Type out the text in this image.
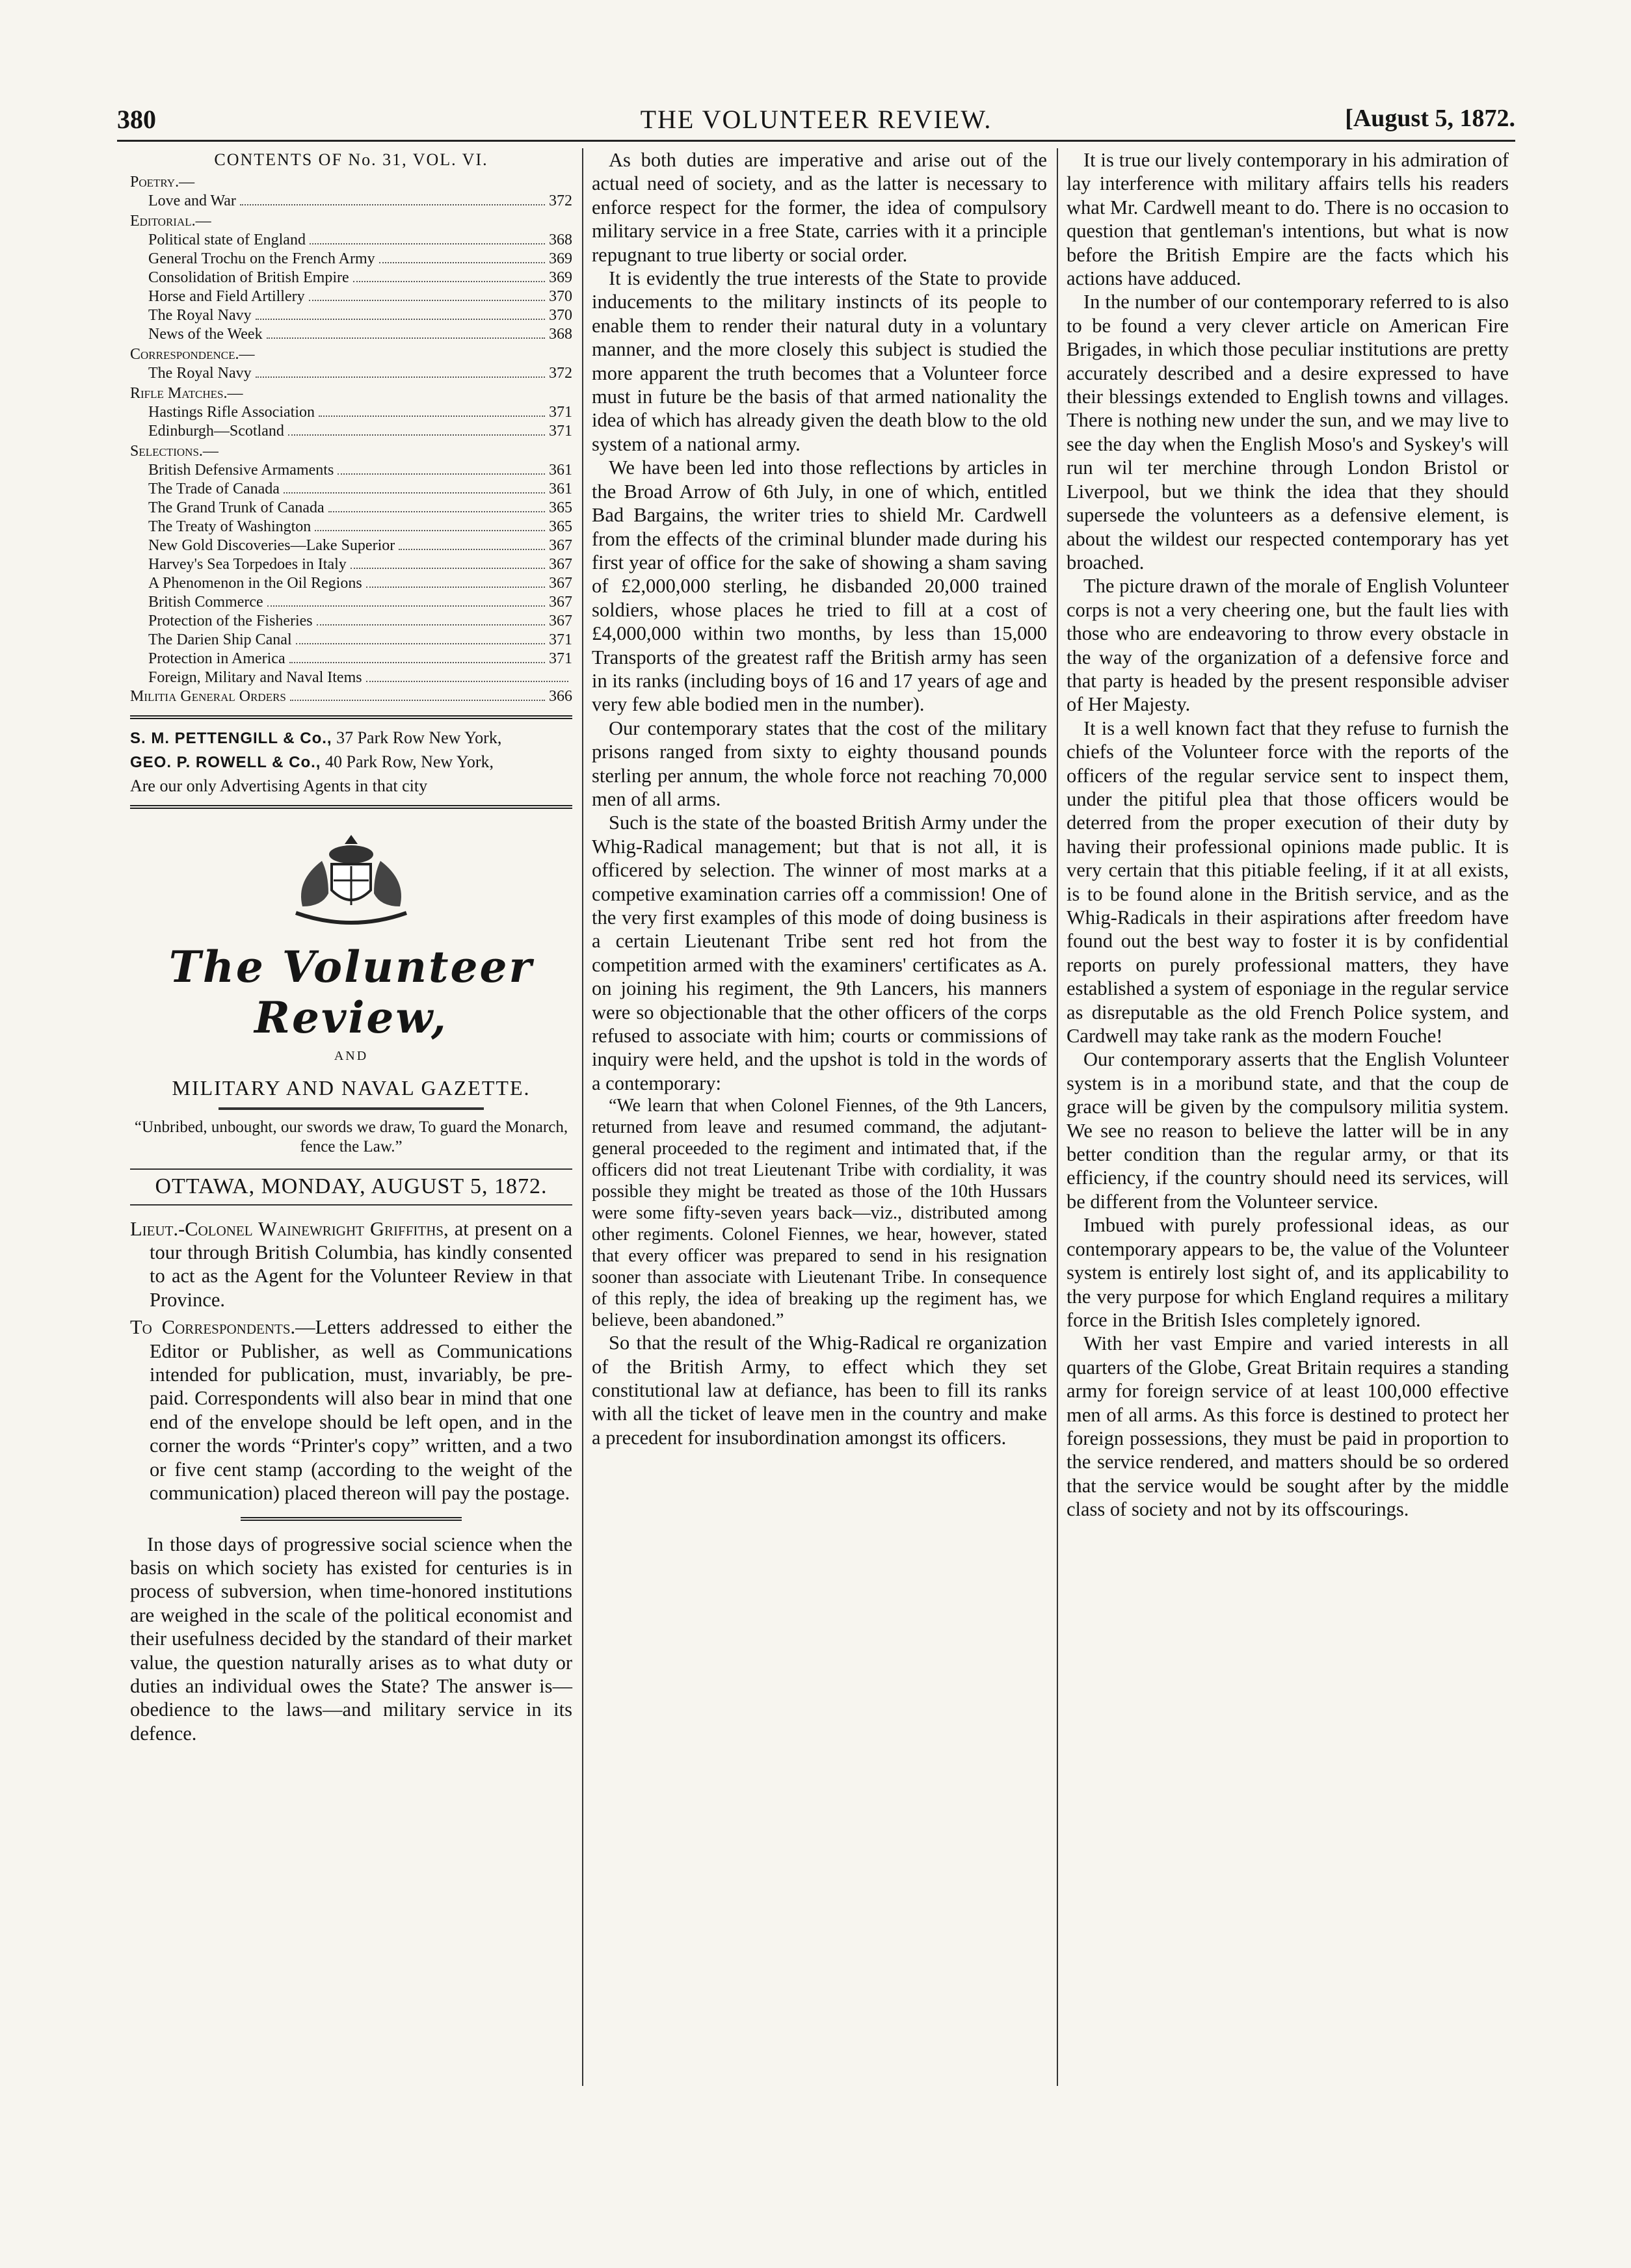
380	THE VOLUNTEER REVIEW.	[August 5, 1872.
CONTENTS OF No. 31, VOL. VI.
Poetry.—
Love and War	372
Editorial.—
Political state of England	368
General Trochu on the French Army	369
Consolidation of British Empire	369
Horse and Field Artillery	370
The Royal Navy	370
News of the Week	368
Correspondence.—
The Royal Navy	372
Rifle Matches.—
Hastings Rifle Association	371
Edinburgh—Scotland	371
Selections.—
British Defensive Armaments	361
The Trade of Canada	361
The Grand Trunk of Canada	365
The Treaty of Washington	365
New Gold Discoveries—Lake Superior	367
Harvey's Sea Torpedoes in Italy	367
A Phenomenon in the Oil Regions	367
British Commerce	367
Protection of the Fisheries	367
The Darien Ship Canal	371
Protection in America	371
Foreign, Military and Naval Items
Militia General Orders	366
S. M. PETTENGILL & Co., 37 Park Row New York,
GEO. P. ROWELL & Co., 40 Park Row, New York,
Are our only Advertising Agents in that city
The Volunteer Review,
AND
MILITARY AND NAVAL GAZETTE.
“Unbribed, unbought, our swords we draw, To guard the Monarch, fence the Law.”
OTTAWA, MONDAY, AUGUST 5, 1872.

Lieut.-Colonel Wainewright Griffiths, at present on a tour through British Columbia, has kindly consented to act as the Agent for the Volunteer Review in that Province.

To Correspondents.—Letters addressed to either the Editor or Publisher, as well as Communications intended for publication, must, invariably, be pre-paid. Correspondents will also bear in mind that one end of the envelope should be left open, and in the corner the words “Printer's copy” written, and a two or five cent stamp (according to the weight of the communication) placed thereon will pay the postage.

In those days of progressive social science when the basis on which society has existed for centuries is in process of subversion, when time-honored institutions are weighed in the scale of the political economist and their usefulness decided by the standard of their market value, the question naturally arises as to what duty or duties an individual owes the State? The answer is—obedience to the laws—and military service in its defence.

As both duties are imperative and arise out of the actual need of society, and as the latter is necessary to enforce respect for the former, the idea of compulsory military service in a free State, carries with it a principle repugnant to true liberty or social order.

It is evidently the true interests of the State to provide inducements to the military instincts of its people to enable them to render their natural duty in a voluntary manner, and the more closely this subject is studied the more apparent the truth becomes that a Volunteer force must in future be the basis of that armed nationality the idea of which has already given the death blow to the old system of a national army.

We have been led into those reflections by articles in the Broad Arrow of 6th July, in one of which, entitled Bad Bargains, the writer tries to shield Mr. Cardwell from the effects of the criminal blunder made during his first year of office for the sake of showing a sham saving of £2,000,000 sterling, he disbanded 20,000 trained soldiers, whose places he tried to fill at a cost of £4,000,000 within two months, by less than 15,000 Transports of the greatest raff the British army has seen in its ranks (including boys of 16 and 17 years of age and very few able bodied men in the number).

Our contemporary states that the cost of the military prisons ranged from sixty to eighty thousand pounds sterling per annum, the whole force not reaching 70,000 men of all arms.

Such is the state of the boasted British Army under the Whig-Radical management; but that is not all, it is officered by selection. The winner of most marks at a competive examination carries off a commission! One of the very first examples of this mode of doing business is a certain Lieutenant Tribe sent red hot from the competition armed with the examiners' certificates as A. on joining his regiment, the 9th Lancers, his manners were so objectionable that the other officers of the corps refused to associate with him; courts or commissions of inquiry were held, and the upshot is told in the words of a contemporary:

“We learn that when Colonel Fiennes, of the 9th Lancers, returned from leave and resumed command, the adjutant-general proceeded to the regiment and intimated that, if the officers did not treat Lieutenant Tribe with cordiality, it was possible they might be treated as those of the 10th Hussars were some fifty-seven years back—viz., distributed among other regiments. Colonel Fiennes, we hear, however, stated that every officer was prepared to send in his resignation sooner than associate with Lieutenant Tribe. In consequence of this reply, the idea of breaking up the regiment has, we believe, been abandoned.”

So that the result of the Whig-Radical re organization of the British Army, to effect which they set constitutional law at defiance, has been to fill its ranks with all the ticket of leave men in the country and make a precedent for insubordination amongst its officers.

It is true our lively contemporary in his admiration of lay interference with military affairs tells his readers what Mr. Cardwell meant to do. There is no occasion to question that gentleman's intentions, but what is now before the British Empire are the facts which his actions have adduced.

In the number of our contemporary referred to is also to be found a very clever article on American Fire Brigades, in which those peculiar institutions are pretty accurately described and a desire expressed to have their blessings extended to English towns and villages. There is nothing new under the sun, and we may live to see the day when the English Moso's and Syskey's will run wil ter merchine through London Bristol or Liverpool, but we think the idea that they should supersede the volunteers as a defensive element, is about the wildest our respected contemporary has yet broached.

The picture drawn of the morale of English Volunteer corps is not a very cheering one, but the fault lies with those who are endeavoring to throw every obstacle in the way of the organization of a defensive force and that party is headed by the present responsible adviser of Her Majesty.

It is a well known fact that they refuse to furnish the chiefs of the Volunteer force with the reports of the officers of the regular service sent to inspect them, under the pitiful plea that those officers would be deterred from the proper execution of their duty by having their professional opinions made public. It is very certain that this pitiable feeling, if it at all exists, is to be found alone in the British service, and as the Whig-Radicals in their aspirations after freedom have found out the best way to foster it is by confidential reports on purely professional matters, they have established a system of esponiage in the regular service as disreputable as the old French Police system, and Cardwell may take rank as the modern Fouche!

Our contemporary asserts that the English Volunteer system is in a moribund state, and that the coup de grace will be given by the compulsory militia system. We see no reason to believe the latter will be in any better condition than the regular army, or that its efficiency, if the country should need its services, will be different from the Volunteer service.

Imbued with purely professional ideas, as our contemporary appears to be, the value of the Volunteer system is entirely lost sight of, and its applicability to the very purpose for which England requires a military force in the British Isles completely ignored.

With her vast Empire and varied interests in all quarters of the Globe, Great Britain requires a standing army for foreign service of at least 100,000 effective men of all arms. As this force is destined to protect her foreign possessions, they must be paid in proportion to the service rendered, and matters should be so ordered that the service would be sought after by the middle class of society and not by its offscourings.
